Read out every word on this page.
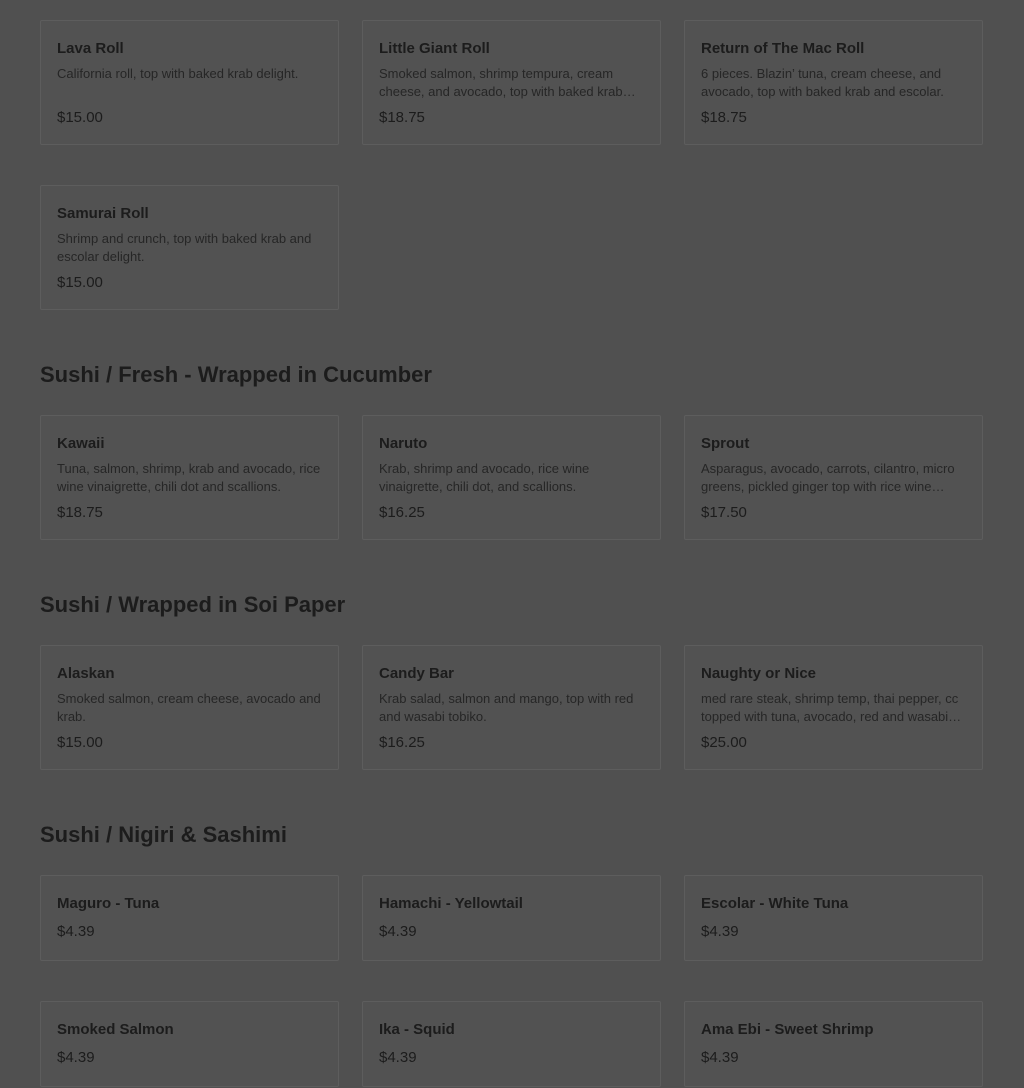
Lava Roll
California roll, top with baked krab delight.
$15.00
Little Giant Roll
Smoked salmon, shrimp tempura, cream cheese, and avocado, top with baked krab
$18.75
Return of The Mac Roll
6 pieces. Blazin’ tuna, cream cheese, and avocado, top with baked krab and escolar.
$18.75
Samurai Roll
Shrimp and crunch, top with baked krab and escolar delight.
$15.00
Sushi / Fresh - Wrapped in Cucumber
Kawaii
Tuna, salmon, shrimp, krab and avocado, rice wine vinaigrette, chili dot and scallions.
$18.75
Naruto
Krab, shrimp and avocado, rice wine vinaigrette, chili dot, and scallions.
$16.25
Sprout
Asparagus, avocado, carrots, cilantro, micro greens, pickled ginger top with rice wine
$17.50
Sushi / Wrapped in Soi Paper
Alaskan
Smoked salmon, cream cheese, avocado and krab.
$15.00
Candy Bar
Krab salad, salmon and mango, top with red and wasabi tobiko.
$16.25
Naughty or Nice
med rare steak, shrimp temp, thai pepper, cc topped with tuna, avocado, red and wasabi
$25.00
Sushi / Nigiri & Sashimi
Maguro - Tuna
$4.39
Hamachi - Yellowtail
$4.39
Escolar - White Tuna
$4.39
Smoked Salmon
$4.39
Ika - Squid
$4.39
Ama Ebi - Sweet Shrimp
$4.39
